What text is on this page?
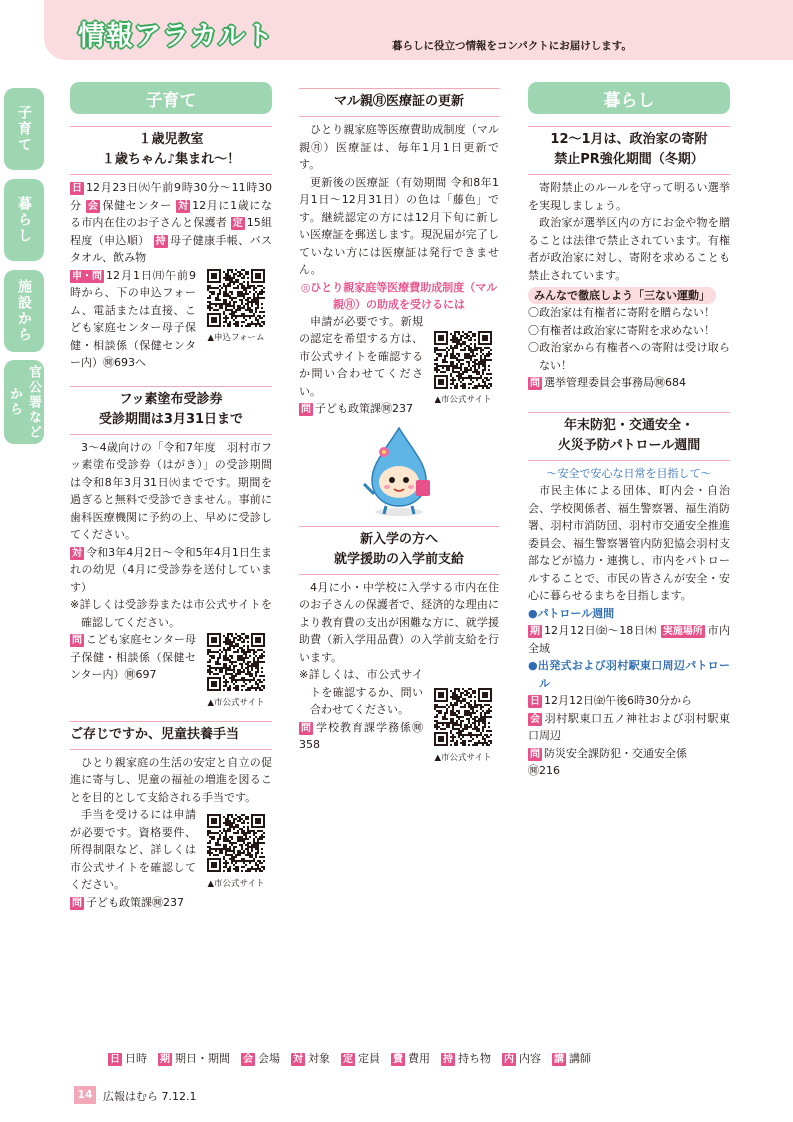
情報アラカルト	暮らしに役立つ情報をコンパクトにお届けします。
子育て
暮らし
施設から
官公署など から
子育て
１歳児教室
１歳ちゃん♪集まれ〜！
日 12月23日㈫午前9時30分〜11時30分 会 保健センター 対 12月に1歳になる市内在住のお子さんと保護者 定 15組程度（申込順） 持 母子健康手帳、バスタオル、飲み物
▲申込フォーム
申・問 12月1日㈪午前9時から、下の申込フォーム、電話または直接、こども家庭センター母子保健・相談係（保健センター内）㉄693へ
フッ素塗布受診券
受診期間は3月31日まで
3〜4歳向けの「令和7年度　羽村市フッ素塗布受診券（はがき）」の受診期間は令和8年3月31日㈫までです。期間を過ぎると無料で受診できません。事前に歯科医療機関に予約の上、早めに受診してください。
対 令和3年4月2日〜令和5年4月1日生まれの幼児（4月に受診券を送付しています）
※詳しくは受診券または市公式サイトを確認してください。
▲市公式サイト
問 こども家庭センター母子保健・相談係（保健センター内）㉄697
ご存じですか、児童扶養手当
ひとり親家庭の生活の安定と自立の促進に寄与し、児童の福祉の増進を図ることを目的として支給される手当です。
▲市公式サイト
手当を受けるには申請が必要です。資格要件、所得制限など、詳しくは市公式サイトを確認してください。
問 子ども政策課㉄237
マル親㊊医療証の更新
ひとり親家庭等医療費助成制度（マル親㊊）医療証は、毎年1月1日更新です。
更新後の医療証（有効期間 令和8年1月1日〜12月31日）の色は「藤色」です。継続認定の方には12月下旬に新しい医療証を郵送します。現況届が完了していない方には医療証は発行できません。
◎ひとり親家庭等医療費助成制度（マル親㊊）の助成を受けるには
▲市公式サイト
申請が必要です。新規の認定を希望する方は、市公式サイトを確認するか問い合わせてください。
問 子ども政策課㉄237
新入学の方へ
就学援助の入学前支給
4月に小・中学校に入学する市内在住のお子さんの保護者で、経済的な理由により教育費の支出が困難な方に、就学援助費（新入学用品費）の入学前支給を行います。
▲市公式サイト
※詳しくは、市公式サイトを確認するか、問い合わせてください。
問 学校教育課学務係㉄358
暮らし
12〜1月は、政治家の寄附
禁止PR強化期間（冬期）
寄附禁止のルールを守って明るい選挙を実現しましょう。
政治家が選挙区内の方にお金や物を贈ることは法律で禁止されています。有権者が政治家に対し、寄附を求めることも禁止されています。
みんなで徹底しよう「三ない運動」
〇政治家は有権者に寄附を贈らない！
〇有権者は政治家に寄附を求めない！
〇政治家から有権者への寄附は受け取らない！
問 選挙管理委員会事務局㉄684
年末防犯・交通安全・
火災予防パトロール週間
〜安全で安心な日常を目指して〜
市民主体による団体、町内会・自治会、学校関係者、福生警察署、福生消防署、羽村市消防団、羽村市交通安全推進委員会、福生警察署管内防犯協会羽村支部などが協力・連携し、市内をパトロールすることで、市民の皆さんが安全・安心に暮らせるまちを目指します。
●パトロール週間
期 12月12日㈮〜18日㈭ 実施場所 市内全域
●出発式および羽村駅東口周辺パトロール
日 12月12日㈮午後6時30分から
会 羽村駅東口五ノ神社および羽村駅東口周辺
問 防災安全課防犯・交通安全係
㉄216
日 日時 期 期日・期間 会 会場 対 対象 定 定員 費 費用 持 持ち物 内 内容 講 講師
14 広報はむら 7.12.1
